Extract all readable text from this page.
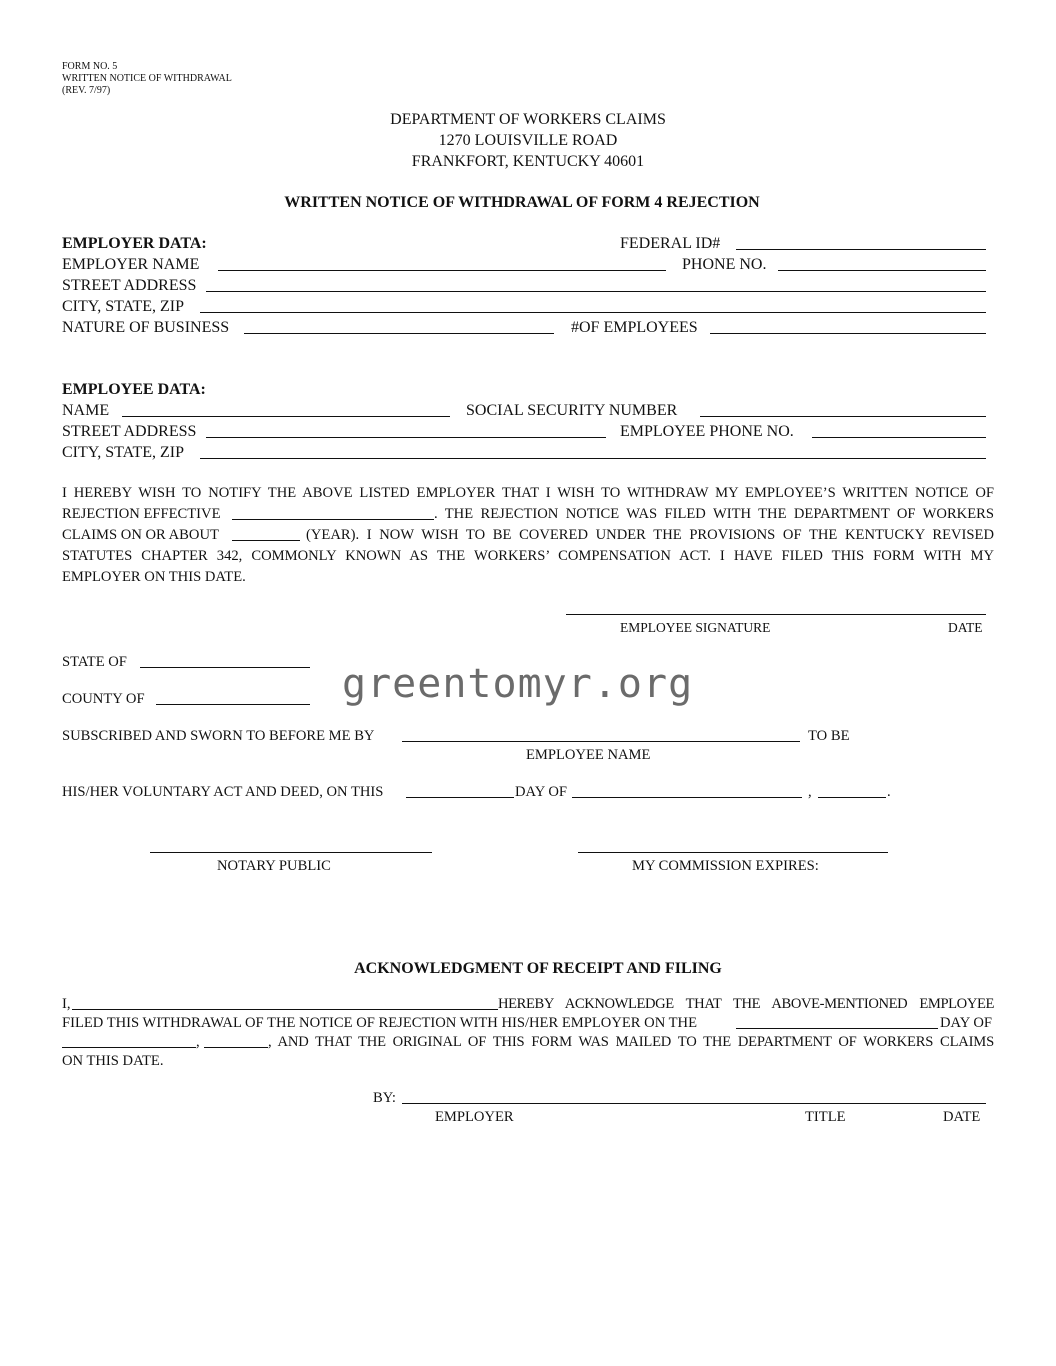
FORM NO. 5
WRITTEN NOTICE OF WITHDRAWAL
(REV. 7/97)
DEPARTMENT OF WORKERS CLAIMS
1270 LOUISVILLE ROAD
FRANKFORT, KENTUCKY 40601
WRITTEN NOTICE OF WITHDRAWAL OF FORM 4 REJECTION
EMPLOYER DATA:	FEDERAL ID#
EMPLOYER NAME	PHONE NO.
STREET ADDRESS
CITY, STATE, ZIP
NATURE OF BUSINESS	#OF EMPLOYEES
EMPLOYEE DATA:
NAME	SOCIAL SECURITY NUMBER
STREET ADDRESS	EMPLOYEE PHONE NO.
CITY, STATE, ZIP
I HEREBY WISH TO NOTIFY THE ABOVE LISTED EMPLOYER THAT I WISH TO WITHDRAW MY EMPLOYEE’S WRITTEN NOTICE OF
REJECTION EFFECTIVE	. THE REJECTION NOTICE WAS FILED WITH THE DEPARTMENT OF WORKERS
CLAIMS ON OR ABOUT	(YEAR). I NOW WISH TO BE COVERED UNDER THE PROVISIONS OF THE KENTUCKY REVISED
STATUTES CHAPTER 342, COMMONLY KNOWN AS THE WORKERS’ COMPENSATION ACT. I HAVE FILED THIS FORM WITH MY
EMPLOYER ON THIS DATE.
EMPLOYEE SIGNATURE	DATE
STATE OF
COUNTY OF	greentomyr.org
SUBSCRIBED AND SWORN TO BEFORE ME BY	TO BE
EMPLOYEE NAME
HIS/HER VOLUNTARY ACT AND DEED, ON THIS	DAY OF	,	.
NOTARY PUBLIC	MY COMMISSION EXPIRES:
ACKNOWLEDGMENT OF RECEIPT AND FILING
I,	HEREBY ACKNOWLEDGE THAT THE ABOVE-MENTIONED EMPLOYEE
FILED THIS WITHDRAWAL OF THE NOTICE OF REJECTION WITH HIS/HER EMPLOYER ON THE	DAY OF
,	, AND THAT THE ORIGINAL OF THIS FORM WAS MAILED TO THE DEPARTMENT OF WORKERS CLAIMS
ON THIS DATE.
BY:
EMPLOYER	TITLE	DATE
